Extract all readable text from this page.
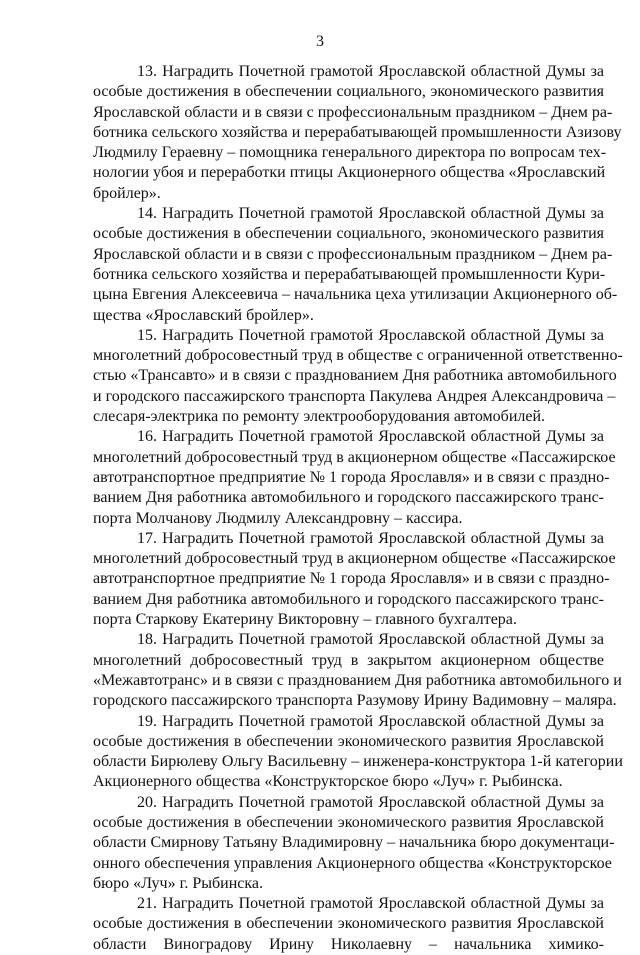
3

13. Наградить Почетной грамотой Ярославской областной Думы за
особые достижения в обеспечении социального, экономического развития
Ярославской области и в связи с профессиональным праздником – Днем ра-
ботника сельского хозяйства и перерабатывающей промышленности Азизову
Людмилу Гераевну – помощника генерального директора по вопросам тех-
нологии убоя и переработки птицы Акционерного общества «Ярославский
бройлер».

14. Наградить Почетной грамотой Ярославской областной Думы за
особые достижения в обеспечении социального, экономического развития
Ярославской области и в связи с профессиональным праздником – Днем ра-
ботника сельского хозяйства и перерабатывающей промышленности Кури-
цына Евгения Алексеевича – начальника цеха утилизации Акционерного об-
щества «Ярославский бройлер».

15. Наградить Почетной грамотой Ярославской областной Думы за
многолетний добросовестный труд в обществе с ограниченной ответственно-
стью «Трансавто» и в связи с празднованием Дня работника автомобильного
и городского пассажирского транспорта Пакулева Андрея Александровича –
слесаря-электрика по ремонту электрооборудования автомобилей.

16. Наградить Почетной грамотой Ярославской областной Думы за
многолетний добросовестный труд в акционерном обществе «Пассажирское
автотранспортное предприятие № 1 города Ярославля» и в связи с праздно-
ванием Дня работника автомобильного и городского пассажирского транс-
порта Молчанову Людмилу Александровну – кассира.

17. Наградить Почетной грамотой Ярославской областной Думы за
многолетний добросовестный труд в акционерном обществе «Пассажирское
автотранспортное предприятие № 1 города Ярославля» и в связи с праздно-
ванием Дня работника автомобильного и городского пассажирского транс-
порта Старкову Екатерину Викторовну – главного бухгалтера.

18. Наградить Почетной грамотой Ярославской областной Думы за
многолетний добросовестный труд в закрытом акционерном обществе
«Межавтотранс» и в связи с празднованием Дня работника автомобильного и
городского пассажирского транспорта Разумову Ирину Вадимовну – маляра.

19. Наградить Почетной грамотой Ярославской областной Думы за
особые достижения в обеспечении экономического развития Ярославской
области Бирюлеву Ольгу Васильевну – инженера-конструктора 1-й категории
Акционерного общества «Конструкторское бюро «Луч» г. Рыбинска.

20. Наградить Почетной грамотой Ярославской областной Думы за
особые достижения в обеспечении экономического развития Ярославской
области Смирнову Татьяну Владимировну – начальника бюро документаци-
онного обеспечения управления Акционерного общества «Конструкторское
бюро «Луч» г. Рыбинска.

21. Наградить Почетной грамотой Ярославской областной Думы за
особые достижения в обеспечении экономического развития Ярославской
области Виноградову Ирину Николаевну – начальника химико-
